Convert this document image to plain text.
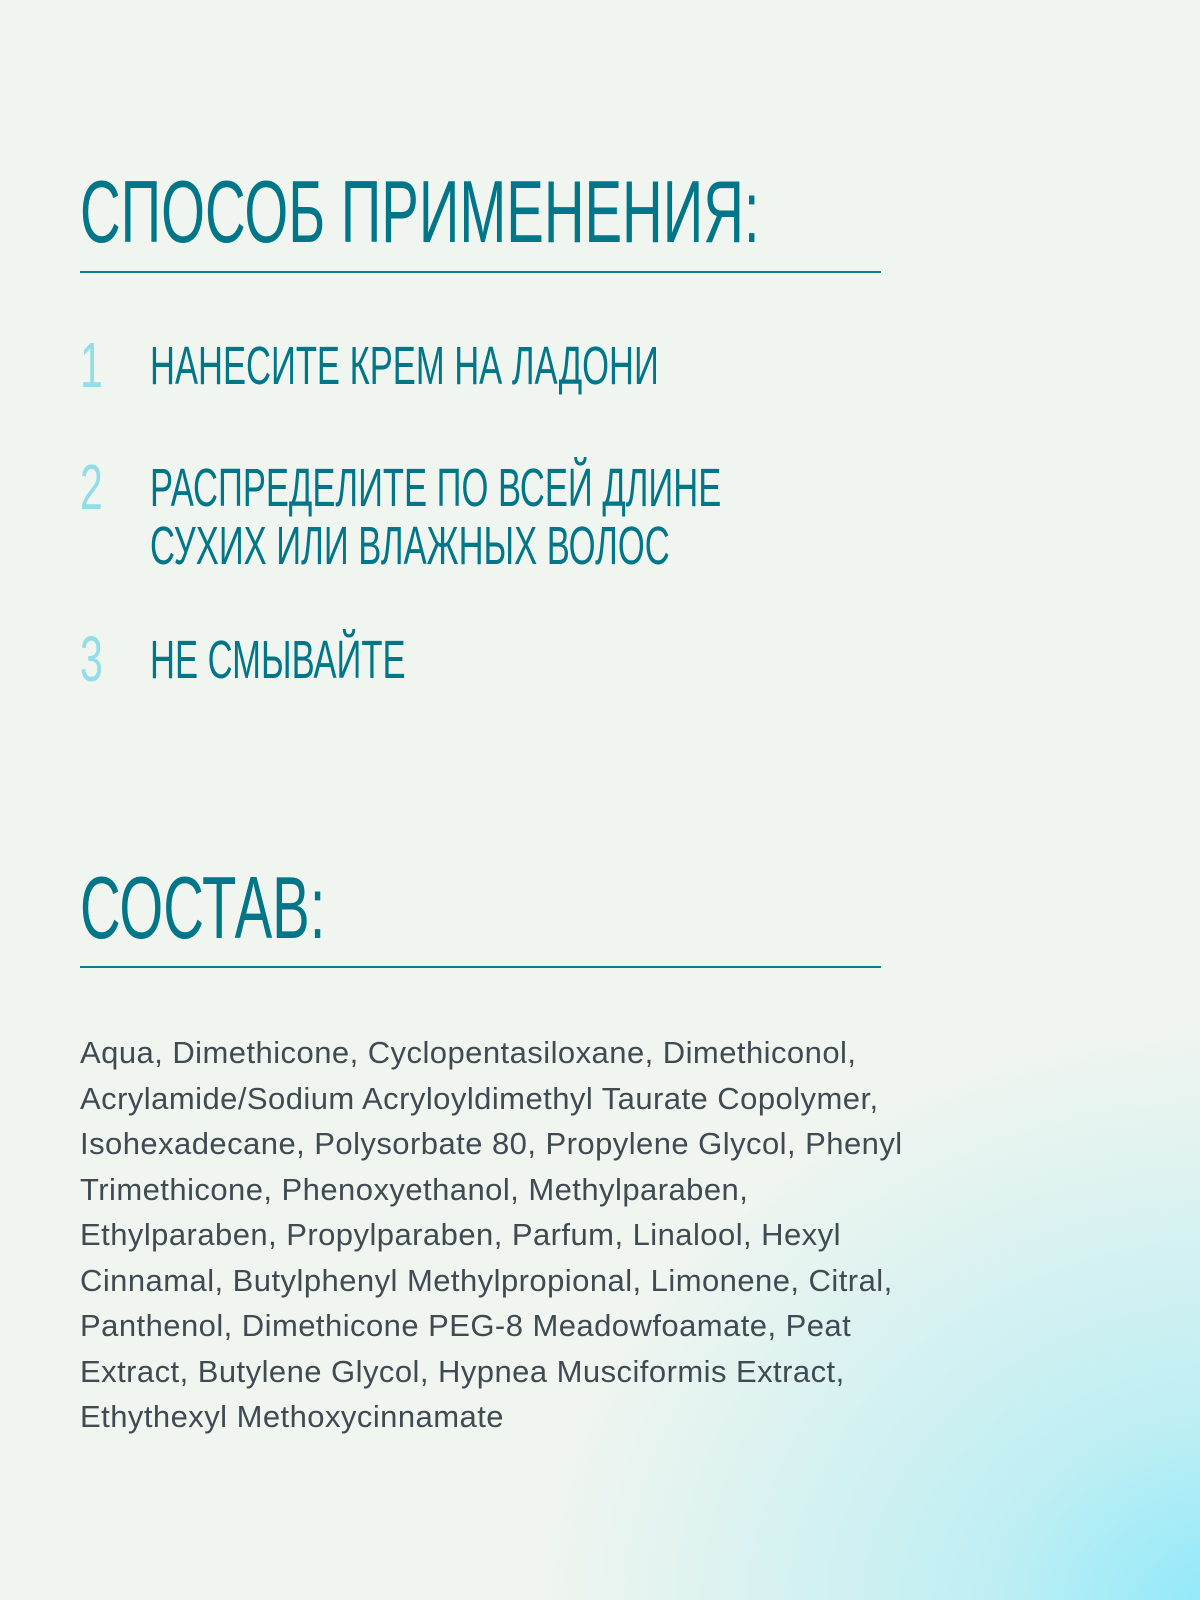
СПОСОБ ПРИМЕНЕНИЯ:
1 НАНЕСИТЕ КРЕМ НА ЛАДОНИ
2 РАСПРЕДЕЛИТЕ ПО ВСЕЙ ДЛИНЕ
СУХИХ ИЛИ ВЛАЖНЫХ ВОЛОС
3 НЕ СМЫВАЙТЕ
СОСТАВ:
Aqua, Dimethicone, Cyclopentasiloxane, Dimethiconol,
Acrylamide/Sodium Acryloyldimethyl Taurate Copolymer,
Isohexadecane, Polysorbate 80, Propylene Glycol, Phenyl
Trimethicone, Phenoxyethanol, Methylparaben,
Ethylparaben, Propylparaben, Parfum, Linalool, Hexyl
Cinnamal, Butylphenyl Methylpropional, Limonene, Citral,
Panthenol, Dimethicone PEG-8 Meadowfoamate, Peat
Extract, Butylene Glycol, Hypnea Musciformis Extract,
Ethythexyl Methoxycinnamate
